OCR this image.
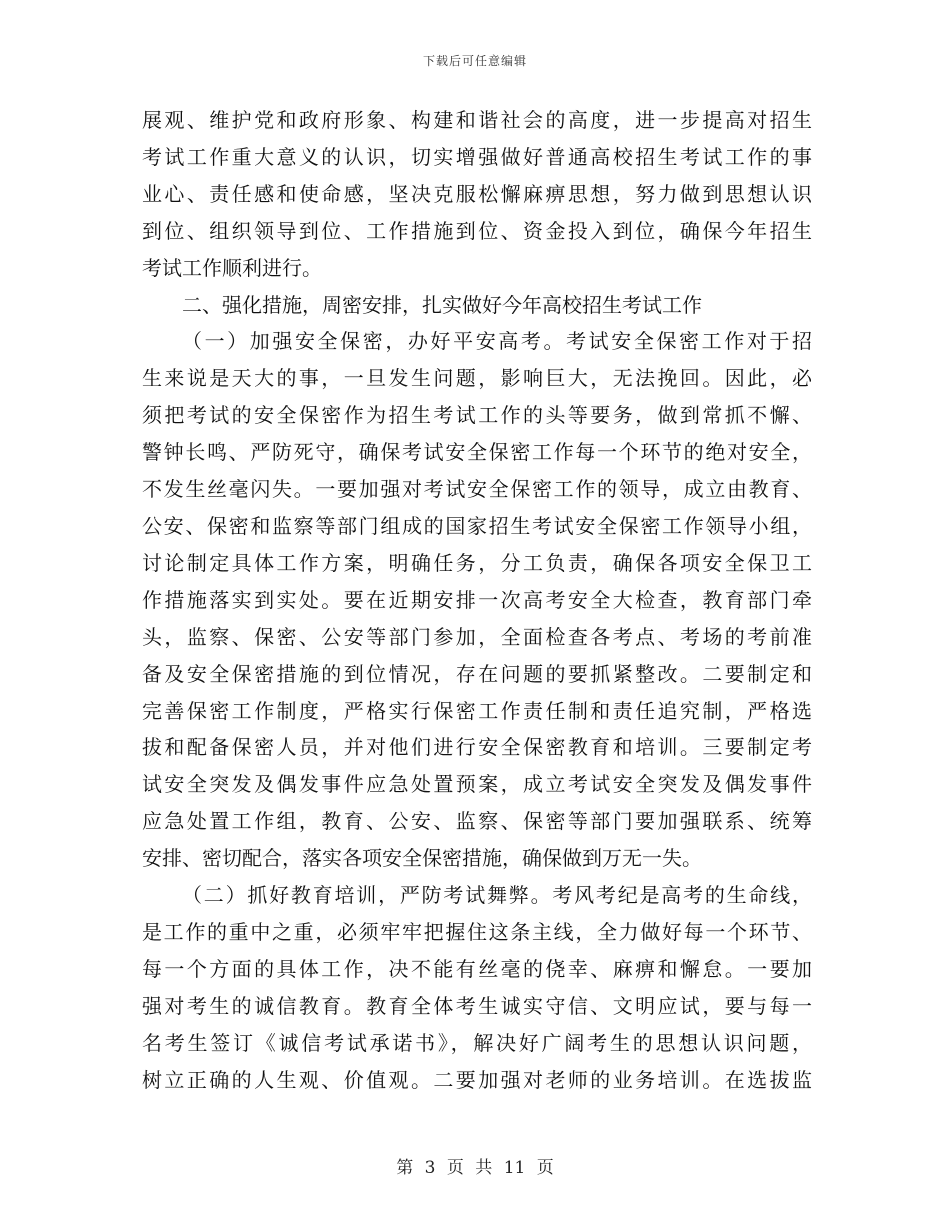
下载后可任意编辑
展观、维护党和政府形象、构建和谐社会的高度，进一步提高对招生
考试工作重大意义的认识，切实增强做好普通高校招生考试工作的事
业心、责任感和使命感，坚决克服松懈麻痹思想，努力做到思想认识
到位、组织领导到位、工作措施到位、资金投入到位，确保今年招生
考试工作顺利进行。
二、强化措施，周密安排，扎实做好今年高校招生考试工作
（一）加强安全保密，办好平安高考。考试安全保密工作对于招
生来说是天大的事，一旦发生问题，影响巨大，无法挽回。因此，必
须把考试的安全保密作为招生考试工作的头等要务，做到常抓不懈、
警钟长鸣、严防死守，确保考试安全保密工作每一个环节的绝对安全，
不发生丝毫闪失。一要加强对考试安全保密工作的领导，成立由教育、
公安、保密和监察等部门组成的国家招生考试安全保密工作领导小组，
讨论制定具体工作方案，明确任务，分工负责，确保各项安全保卫工
作措施落实到实处。要在近期安排一次高考安全大检查，教育部门牵
头，监察、保密、公安等部门参加，全面检查各考点、考场的考前准
备及安全保密措施的到位情况，存在问题的要抓紧整改。二要制定和
完善保密工作制度，严格实行保密工作责任制和责任追究制，严格选
拔和配备保密人员，并对他们进行安全保密教育和培训。三要制定考
试安全突发及偶发事件应急处置预案，成立考试安全突发及偶发事件
应急处置工作组，教育、公安、监察、保密等部门要加强联系、统筹
安排、密切配合，落实各项安全保密措施，确保做到万无一失。
（二）抓好教育培训，严防考试舞弊。考风考纪是高考的生命线，
是工作的重中之重，必须牢牢把握住这条主线，全力做好每一个环节、
每一个方面的具体工作，决不能有丝毫的侥幸、麻痹和懈怠。一要加
强对考生的诚信教育。教育全体考生诚实守信、文明应试，要与每一
名考生签订《诚信考试承诺书》，解决好广阔考生的思想认识问题，
树立正确的人生观、价值观。二要加强对老师的业务培训。在选拔监
第 3 页 共 11 页
